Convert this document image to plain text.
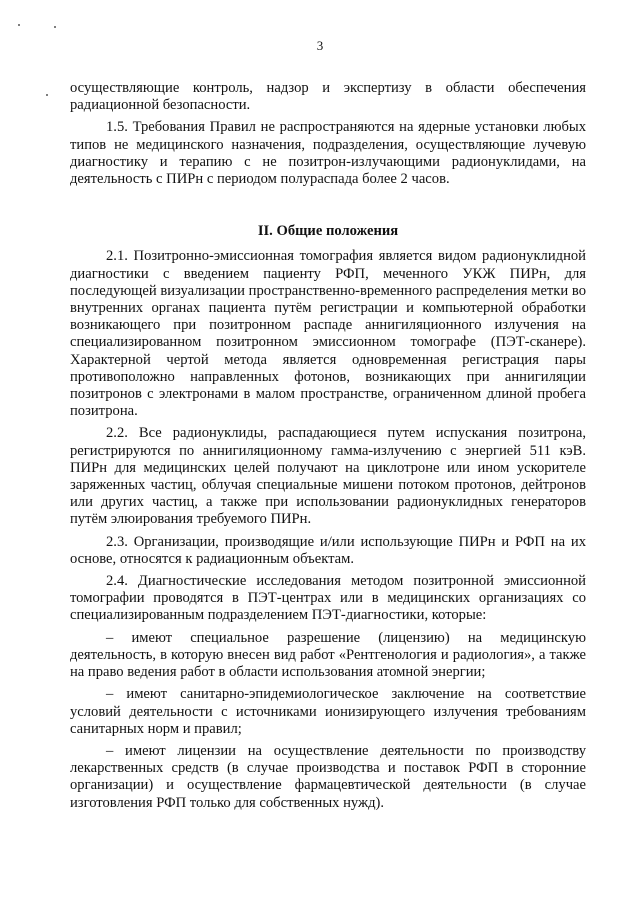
3

осуществляющие контроль, надзор и экспертизу в области обеспечения радиационной безопасности.

1.5. Требования Правил не распространяются на ядерные установки любых типов не медицинского назначения, подразделения, осуществляющие лучевую диагностику и терапию с не позитрон-излучающими радионуклидами, на деятельность с ПИРн с периодом полураспада более 2 часов.

II. Общие положения

2.1. Позитронно-эмиссионная томография является видом радионуклидной диагностики с введением пациенту РФП, меченного УКЖ ПИРн, для последующей визуализации пространственно-временного распределения метки во внутренних органах пациента путём регистрации и компьютерной обработки возникающего при позитронном распаде аннигиляционного излучения на специализированном позитронном эмиссионном томографе (ПЭТ-сканере). Характерной чертой метода является одновременная регистрация пары противоположно направленных фотонов, возникающих при аннигиляции позитронов с электронами в малом пространстве, ограниченном длиной пробега позитрона.

2.2. Все радионуклиды, распадающиеся путем испускания позитрона, регистрируются по аннигиляционному гамма-излучению с энергией 511 кэВ. ПИРн для медицинских целей получают на циклотроне или ином ускорителе заряженных частиц, облучая специальные мишени потоком протонов, дейтронов или других частиц, а также при использовании радионуклидных генераторов путём элюирования требуемого ПИРн.

2.3. Организации, производящие и/или использующие ПИРн и РФП на их основе, относятся к радиационным объектам.

2.4. Диагностические исследования методом позитронной эмиссионной томографии проводятся в ПЭТ-центрах или в медицинских организациях со специализированным подразделением ПЭТ-диагностики, которые:

– имеют специальное разрешение (лицензию) на медицинскую деятельность, в которую внесен вид работ «Рентгенология и радиология», а также на право ведения работ в области использования атомной энергии;

– имеют санитарно-эпидемиологическое заключение на соответствие условий деятельности с источниками ионизирующего излучения требованиям санитарных норм и правил;

– имеют лицензии на осуществление деятельности по производству лекарственных средств (в случае производства и поставок РФП в сторонние организации) и осуществление фармацевтической деятельности (в случае изготовления РФП только для собственных нужд).
